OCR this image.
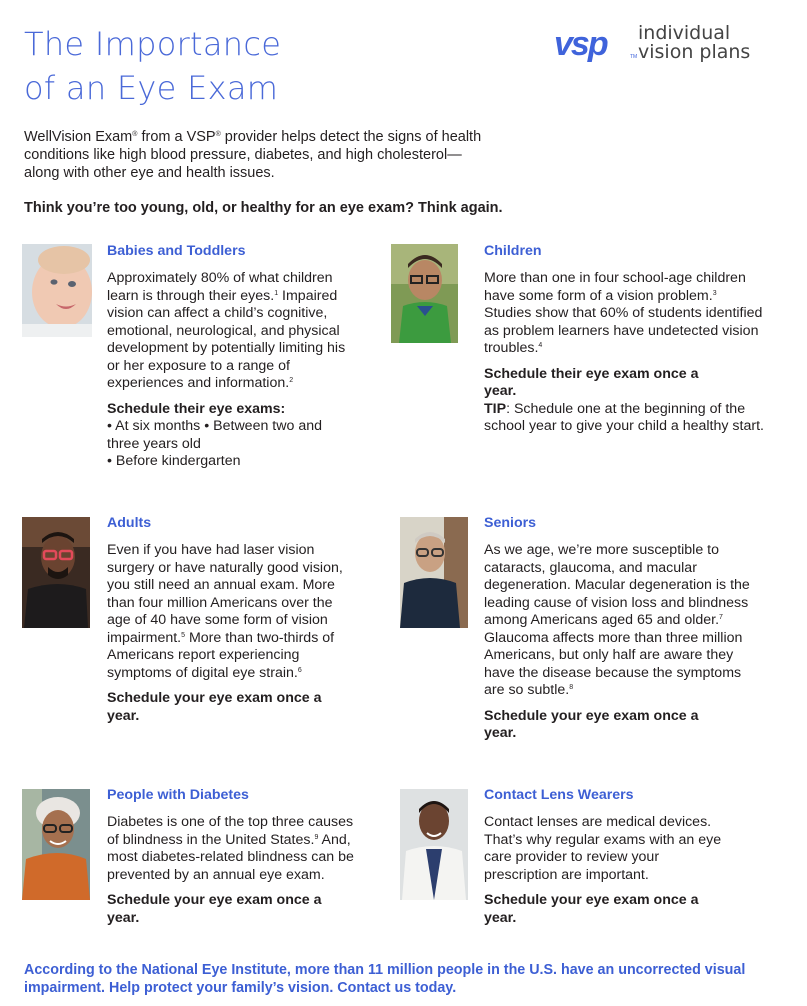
The Importance
of an Eye Exam
vsp	TM
individual
vision plans
WellVision Exam® from a VSP® provider helps detect the signs of health conditions like high blood pressure, diabetes, and high cholesterol—along with other eye and health issues.
Think you’re too young, old, or healthy for an eye exam? Think again.
Babies and Toddlers

Approximately 80% of what children learn is through their eyes.$^1$ Impaired vision can affect a child’s cognitive, emotional, neurological, and physical development by potentially limiting his or her exposure to a range of experiences and information.$^2$

Schedule their eye exams:

• At six months • Between two and three years old
• Before kindergarten

Children

More than one in four school-age children have some form of a vision problem.$^3$ Studies show that 60% of students identified as problem learners have undetected vision troubles.$^4$

Schedule their eye exam once a year.

TIP: Schedule one at the beginning of the school year to give your child a healthy start.

Adults

Even if you have had laser vision surgery or have naturally good vision, you still need an annual exam. More than four million Americans over the age of 40 have some form of vision impairment.$^5$ More than two-thirds of Americans report experiencing symptoms of digital eye strain.$^6$

Schedule your eye exam once a year.

Seniors

As we age, we’re more susceptible to cataracts, glaucoma, and macular degeneration. Macular degeneration is the leading cause of vision loss and blindness among Americans aged 65 and older.$^7$ Glaucoma affects more than three million Americans, but only half are aware they have the disease because the symptoms are so subtle.$^8$

Schedule your eye exam once a year.

People with Diabetes

Diabetes is one of the top three causes of blindness in the United States.$^9$ And, most diabetes-related blindness can be prevented by an annual eye exam.

Schedule your eye exam once a year.

Contact Lens Wearers

Contact lenses are medical devices. That’s why regular exams with an eye care provider to review your prescription are important.

Schedule your eye exam once a year.

According to the National Eye Institute, more than 11 million people in the U.S. have an uncorrected visual impairment. Help protect your family’s vision. Contact us today.
